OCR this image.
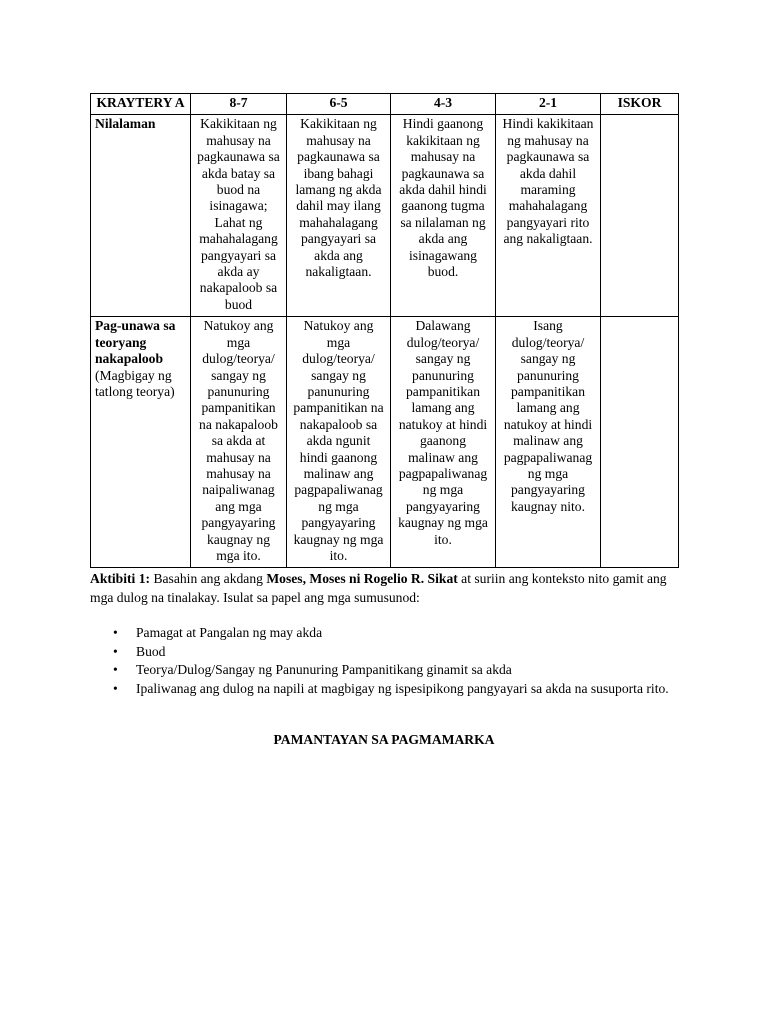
KRAYTERY A	8-7	6-5	4-3	2-1	ISKOR
Nilalaman	Kakikitaan ng mahusay na pagkaunawa sa akda batay sa buod na isinagawa; Lahat ng mahahalagang pangyayari sa akda ay nakapaloob sa buod	Kakikitaan ng mahusay na pagkaunawa sa ibang bahagi lamang ng akda dahil may ilang mahahalagang pangyayari sa akda ang nakaligtaan.	Hindi gaanong kakikitaan ng mahusay na pagkaunawa sa akda dahil hindi gaanong tugma sa nilalaman ng akda ang isinagawang buod.	Hindi kakikitaan ng mahusay na pagkaunawa sa akda dahil maraming mahahalagang pangyayari rito ang nakaligtaan.	
Pag-unawa sa teoryang nakapaloob (Magbigay ng tatlong teorya)	Natukoy ang mga dulog/teorya/ sangay ng panunuring pampanitikan na nakapaloob sa akda at mahusay na mahusay na naipaliwanag ang mga pangyayaring kaugnay ng mga ito.	Natukoy ang mga dulog/teorya/ sangay ng panunuring pampanitikan na nakapaloob sa akda ngunit hindi gaanong malinaw ang pagpapaliwanag ng mga pangyayaring kaugnay ng mga ito.	Dalawang dulog/teorya/ sangay ng panunuring pampanitikan lamang ang natukoy at hindi gaanong malinaw ang pagpapaliwanag ng mga pangyayaring kaugnay ng mga ito.	Isang dulog/teorya/ sangay ng panunuring pampanitikan lamang ang natukoy at hindi malinaw ang pagpapaliwanag ng mga pangyayaring kaugnay nito.	

Aktibiti 1: Basahin ang akdang Moses, Moses ni Rogelio R. Sikat at suriin ang konteksto nito gamit ang mga dulog na tinalakay. Isulat sa papel ang mga sumusunod:

• Pamagat at Pangalan ng may akda
• Buod
• Teorya/Dulog/Sangay ng Panunuring Pampanitikang ginamit sa akda
• Ipaliwanag ang dulog na napili at magbigay ng ispesipikong pangyayari sa akda na susuporta rito.
PAMANTAYAN SA PAGMAMARKA
